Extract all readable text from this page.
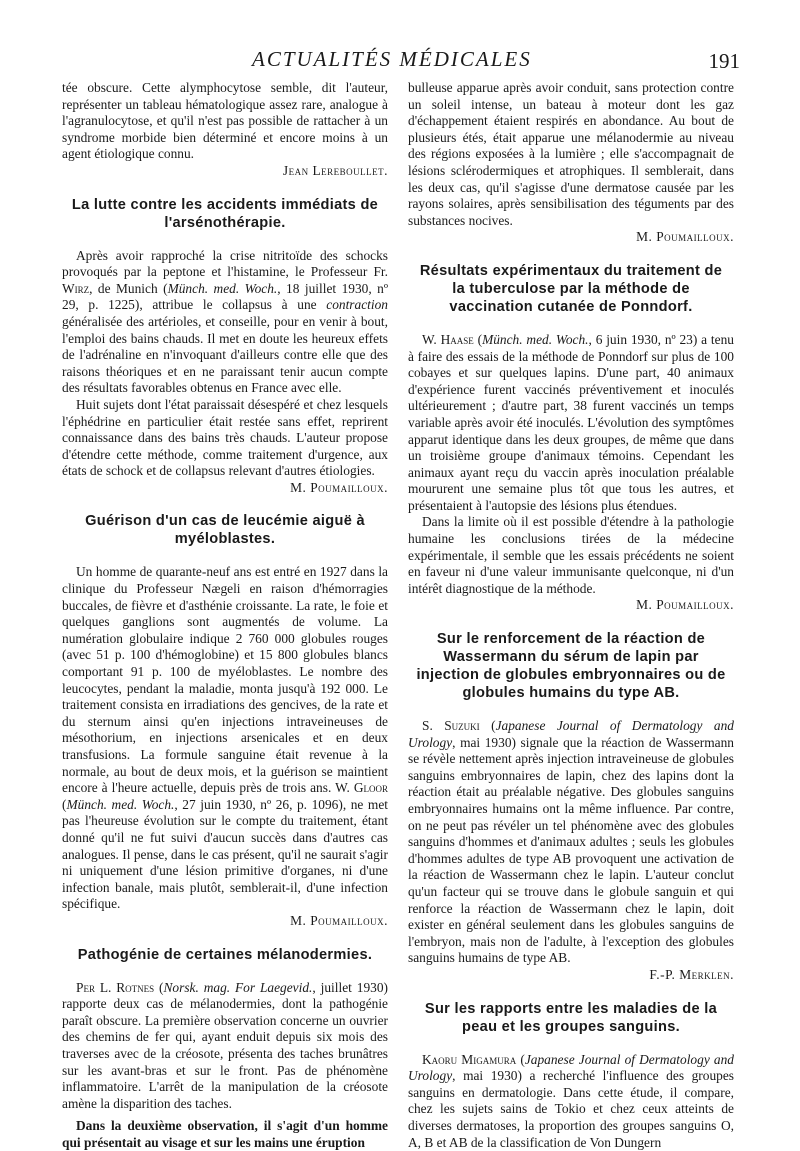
ACTUALITÉS MÉDICALES	191

tée obscure. Cette alymphocytose semble, dit l'auteur, représenter un tableau hématologique assez rare, analogue à l'agranulocytose, et qu'il n'est pas possible de rattacher à un syndrome morbide bien déterminé et encore moins à un agent étiologique connu.

Jean Lereboullet.

La lutte contre les accidents immédiats de l'arsénothérapie.

Après avoir rapproché la crise nitritoïde des schocks provoqués par la peptone et l'histamine, le Professeur Fr. Wirz, de Munich (Münch. med. Woch., 18 juillet 1930, nº 29, p. 1225), attribue le collapsus à une contraction généralisée des artérioles, et conseille, pour en venir à bout, l'emploi des bains chauds. Il met en doute les heureux effets de l'adrénaline en n'invoquant d'ailleurs contre elle que des raisons théoriques et en ne paraissant tenir aucun compte des résultats favorables obtenus en France avec elle.

Huit sujets dont l'état paraissait désespéré et chez lesquels l'éphédrine en particulier était restée sans effet, reprirent connaissance dans des bains très chauds. L'auteur propose d'étendre cette méthode, comme traitement d'urgence, aux états de schock et de collapsus relevant d'autres étiologies.

M. Poumailloux.

Guérison d'un cas de leucémie aiguë à myéloblastes.

Un homme de quarante-neuf ans est entré en 1927 dans la clinique du Professeur Nægeli en raison d'hémorragies buccales, de fièvre et d'asthénie croissante. La rate, le foie et quelques ganglions sont augmentés de volume. La numération globulaire indique 2 760 000 globules rouges (avec 51 p. 100 d'hémoglobine) et 15 800 globules blancs comportant 91 p. 100 de myéloblastes. Le nombre des leucocytes, pendant la maladie, monta jusqu'à 192 000. Le traitement consista en irradiations des gencives, de la rate et du sternum ainsi qu'en injections intraveineuses de mésothorium, en injections arsenicales et en deux transfusions. La formule sanguine était revenue à la normale, au bout de deux mois, et la guérison se maintient encore à l'heure actuelle, depuis près de trois ans. W. Gloor (Münch. med. Woch., 27 juin 1930, nº 26, p. 1096), ne met pas l'heureuse évolution sur le compte du traitement, étant donné qu'il ne fut suivi d'aucun succès dans d'autres cas analogues. Il pense, dans le cas présent, qu'il ne saurait s'agir ni uniquement d'une lésion primitive d'organes, ni d'une infection banale, mais plutôt, semblerait-il, d'une infection spécifique.

M. Poumailloux.

Pathogénie de certaines mélanodermies.

Per L. Rotnes (Norsk. mag. For Laegevid., juillet 1930) rapporte deux cas de mélanodermies, dont la pathogénie paraît obscure. La première observation concerne un ouvrier des chemins de fer qui, ayant enduit depuis six mois des traverses avec de la créosote, présenta des taches brunâtres sur les avant-bras et sur le front. Pas de phénomène inflammatoire. L'arrêt de la manipulation de la créosote amène la disparition des taches.

Dans la deuxième observation, il s'agit d'un homme qui présentait au visage et sur les mains une éruption

bulleuse apparue après avoir conduit, sans protection contre un soleil intense, un bateau à moteur dont les gaz d'échappement étaient respirés en abondance. Au bout de plusieurs étés, était apparue une mélanodermie au niveau des régions exposées à la lumière ; elle s'accompagnait de lésions sclérodermiques et atrophiques. Il semblerait, dans les deux cas, qu'il s'agisse d'une dermatose causée par les rayons solaires, après sensibilisation des téguments par des substances nocives.

M. Poumailloux.

Résultats expérimentaux du traitement de la tuberculose par la méthode de vaccination cutanée de Ponndorf.

W. Haase (Münch. med. Woch., 6 juin 1930, nº 23) a tenu à faire des essais de la méthode de Ponndorf sur plus de 100 cobayes et sur quelques lapins. D'une part, 40 animaux d'expérience furent vaccinés préventivement et inoculés ultérieurement ; d'autre part, 38 furent vaccinés un temps variable après avoir été inoculés. L'évolution des symptômes apparut identique dans les deux groupes, de même que dans un troisième groupe d'animaux témoins. Cependant les animaux ayant reçu du vaccin après inoculation préalable moururent une semaine plus tôt que tous les autres, et présentaient à l'autopsie des lésions plus étendues.

Dans la limite où il est possible d'étendre à la pathologie humaine les conclusions tirées de la médecine expérimentale, il semble que les essais précédents ne soient en faveur ni d'une valeur immunisante quelconque, ni d'un intérêt diagnostique de la méthode.

M. Poumailloux.

Sur le renforcement de la réaction de Wassermann du sérum de lapin par injection de globules embryonnaires ou de globules humains du type AB.

S. Suzuki (Japanese Journal of Dermatology and Urology, mai 1930) signale que la réaction de Wassermann se révèle nettement après injection intraveineuse de globules sanguins embryonnaires de lapin, chez des lapins dont la réaction était au préalable négative. Des globules sanguins embryonnaires humains ont la même influence. Par contre, on ne peut pas révéler un tel phénomène avec des globules sanguins d'hommes et d'animaux adultes ; seuls les globules d'hommes adultes de type AB provoquent une activation de la réaction de Wassermann chez le lapin. L'auteur conclut qu'un facteur qui se trouve dans le globule sanguin et qui renforce la réaction de Wassermann chez le lapin, doit exister en général seulement dans les globules sanguins de l'embryon, mais non de l'adulte, à l'exception des globules sanguins humains de type AB.

F.-P. Merklen.

Sur les rapports entre les maladies de la peau et les groupes sanguins.

Kaoru Migamura (Japanese Journal of Dermatology and Urology, mai 1930) a recherché l'influence des groupes sanguins en dermatologie. Dans cette étude, il compare, chez les sujets sains de Tokio et chez ceux atteints de diverses dermatoses, la proportion des groupes sanguins O, A, B et AB de la classification de Von Dungern
